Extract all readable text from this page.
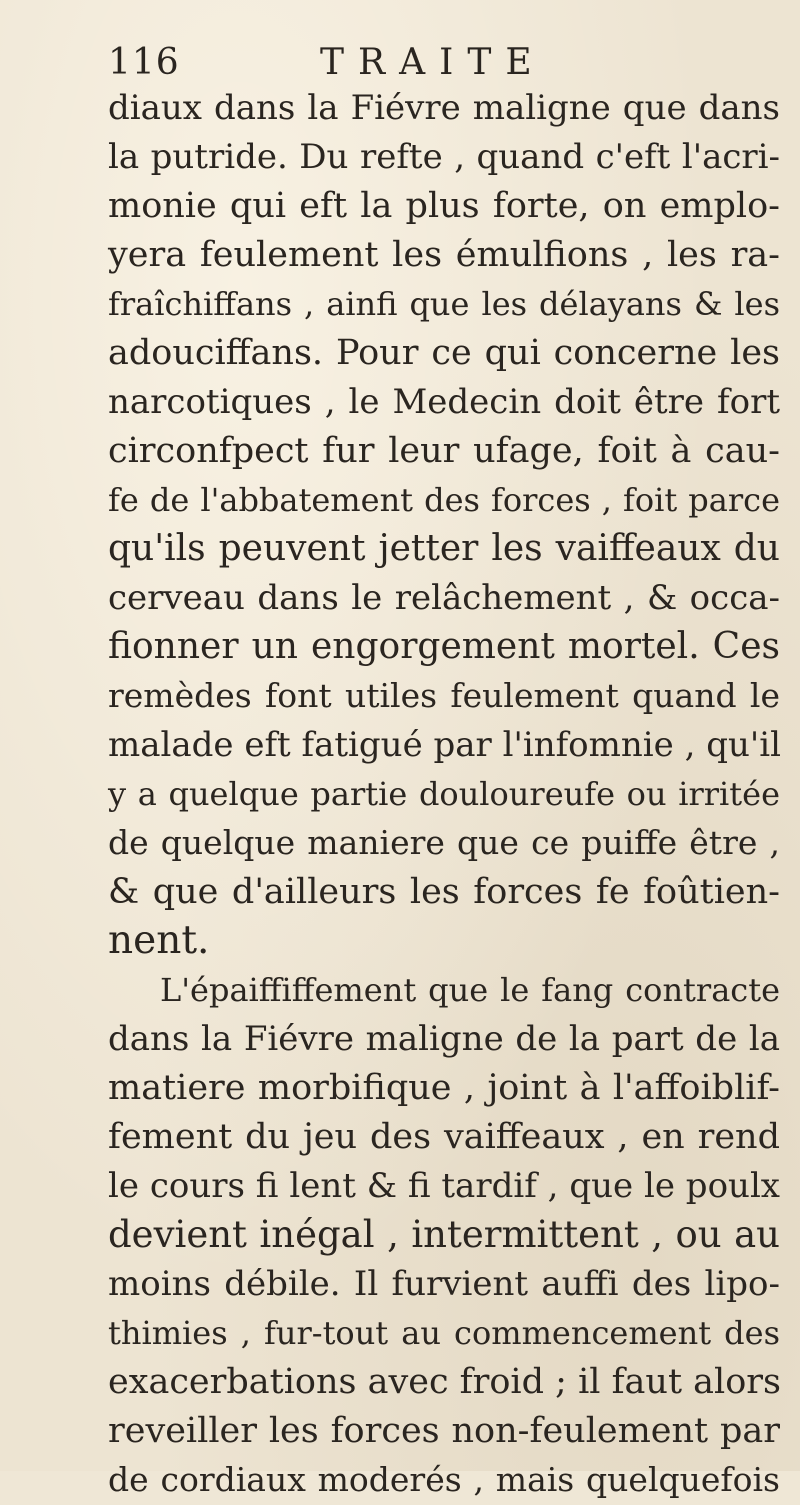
116	TRAITE
diaux dans la Fiévre maligne que dans
la putride. Du refte , quand c'eft l'acri-
monie qui eft la plus forte, on emplo-
yera feulement les émulfions , les ra-
fraîchiffans , ainfi que les délayans & les
adouciffans. Pour ce qui concerne les
narcotiques , le Medecin doit être fort
circonfpect fur leur ufage, foit à cau-
fe de l'abbatement des forces , foit parce
qu'ils peuvent jetter les vaiffeaux du
cerveau dans le relâchement , & occa-
fionner un engorgement mortel. Ces
remèdes font utiles feulement quand le
malade eft fatigué par l'infomnie , qu'il
y a quelque partie douloureufe ou irritée
de quelque maniere que ce puiffe être ,
& que d'ailleurs les forces fe foûtien-
nent.
L'épaiffiffement que le fang contracte
dans la Fiévre maligne de la part de la
matiere morbifique , joint à l'affoiblif-
fement du jeu des vaiffeaux , en rend
le cours fi lent & fi tardif , que le poulx
devient inégal , intermittent , ou au
moins débile. Il furvient auffi des lipo-
thimies , fur-tout au commencement des
exacerbations avec froid ; il faut alors
reveiller les forces non-feulement par
de cordiaux moderés , mais quelquefois
